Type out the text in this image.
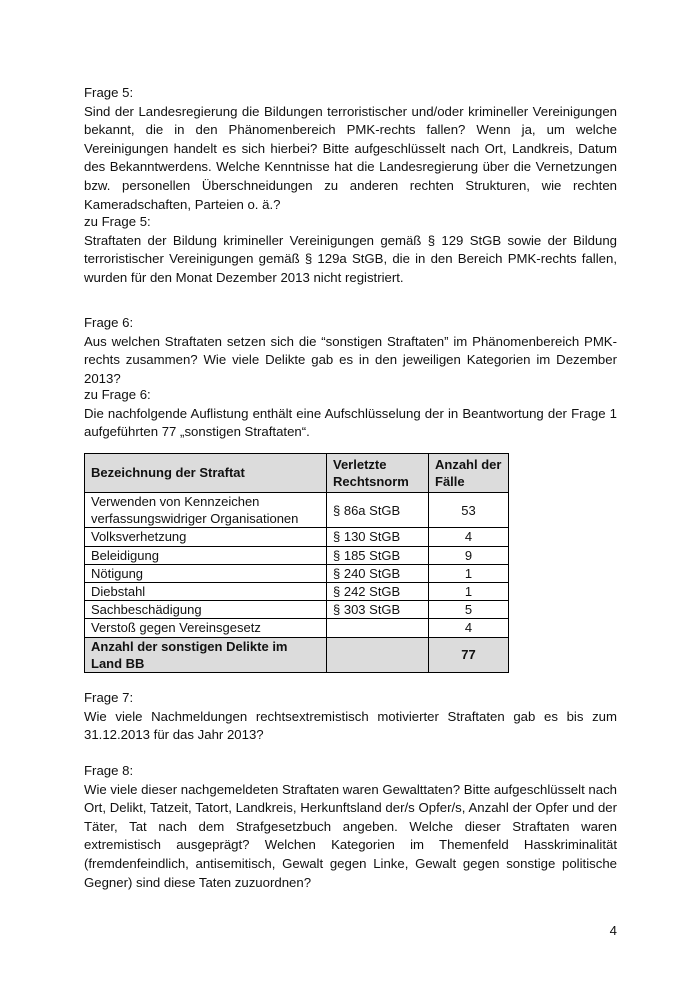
Frage 5:

Sind der Landesregierung die Bildungen terroristischer und/oder krimineller Vereinigungen bekannt, die in den Phänomenbereich PMK-rechts fallen? Wenn ja, um welche Vereinigungen handelt es sich hierbei? Bitte aufgeschlüsselt nach Ort, Landkreis, Datum des Bekanntwerdens. Welche Kenntnisse hat die Landesregierung über die Vernetzungen bzw. personellen Überschneidungen zu anderen rechten Strukturen, wie rechten Kameradschaften, Parteien o. ä.?

zu Frage 5:

Straftaten der Bildung krimineller Vereinigungen gemäß § 129 StGB sowie der Bildung terroristischer Vereinigungen gemäß § 129a StGB, die in den Bereich PMK-rechts fallen, wurden für den Monat Dezember 2013 nicht registriert.

Frage 6:

Aus welchen Straftaten setzen sich die “sonstigen Straftaten” im Phänomenbereich PMK-rechts zusammen? Wie viele Delikte gab es in den jeweiligen Kategorien im Dezember 2013?

zu Frage 6:

Die nachfolgende Auflistung enthält eine Aufschlüsselung der in Beantwortung der Frage 1 aufgeführten 77 „sonstigen Straftaten“.

Bezeichnung der Straftat	Verletzte Rechtsnorm	Anzahl der Fälle
Verwenden von Kennzeichen verfassungswidriger Organisationen	§ 86a StGB	53
Volksverhetzung	§ 130 StGB	4
Beleidigung	§ 185 StGB	9
Nötigung	§ 240 StGB	1
Diebstahl	§ 242 StGB	1
Sachbeschädigung	§ 303 StGB	5
Verstoß gegen Vereinsgesetz		4
Anzahl der sonstigen Delikte im Land BB		77

Frage 7:

Wie viele Nachmeldungen rechtsextremistisch motivierter Straftaten gab es bis zum 31.12.2013 für das Jahr 2013?

Frage 8:

Wie viele dieser nachgemeldeten Straftaten waren Gewalttaten? Bitte aufgeschlüsselt nach Ort, Delikt, Tatzeit, Tatort, Landkreis, Herkunftsland der/s Opfer/s, Anzahl der Opfer und der Täter, Tat nach dem Strafgesetzbuch angeben. Welche dieser Straftaten waren extremistisch ausgeprägt? Welchen Kategorien im Themenfeld Hasskriminalität (fremdenfeindlich, antisemitisch, Gewalt gegen Linke, Gewalt gegen sonstige politische Gegner) sind diese Taten zuzuordnen?

4
